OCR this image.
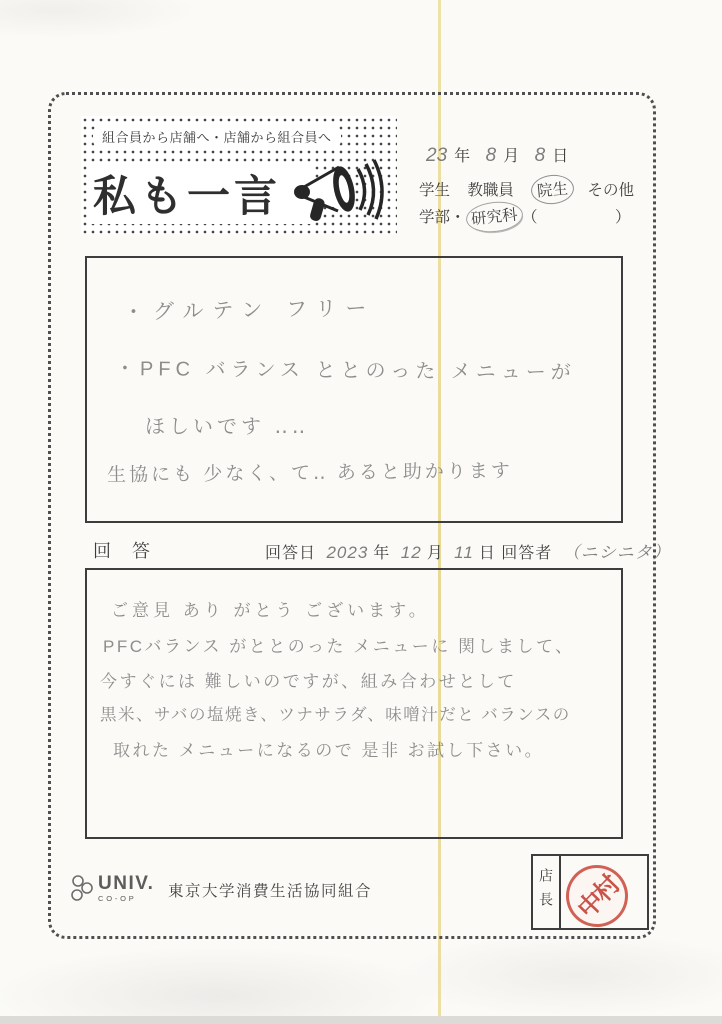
組合員から店舗へ・店舗から組合員へ
私も一言
23 年 8 月 8 日
学生 教職員 院生 その他
学部・ 研究科 （　　　　　）
・グルテン フリー
・PFC バランス ととのった メニューが
ほしいです ‥‥
生協にも 少なく、て‥ あると助かります
回 答	回答日 2023 年 12 月 11 日 回答者 （ニシニタ）
ご意見 あり がとう ございます。
PFCバランス がととのった メニューに 関しまして、
今すぐには 難しいのですが、組み合わせとして
黒米、サバの塩焼き、ツナサラダ、味噌汁だと バランスの
取れた メニューになるので 是非 お試し下さい。
UNIV.
CO-OP	東京大学消費生活協同組合	店長 中村
